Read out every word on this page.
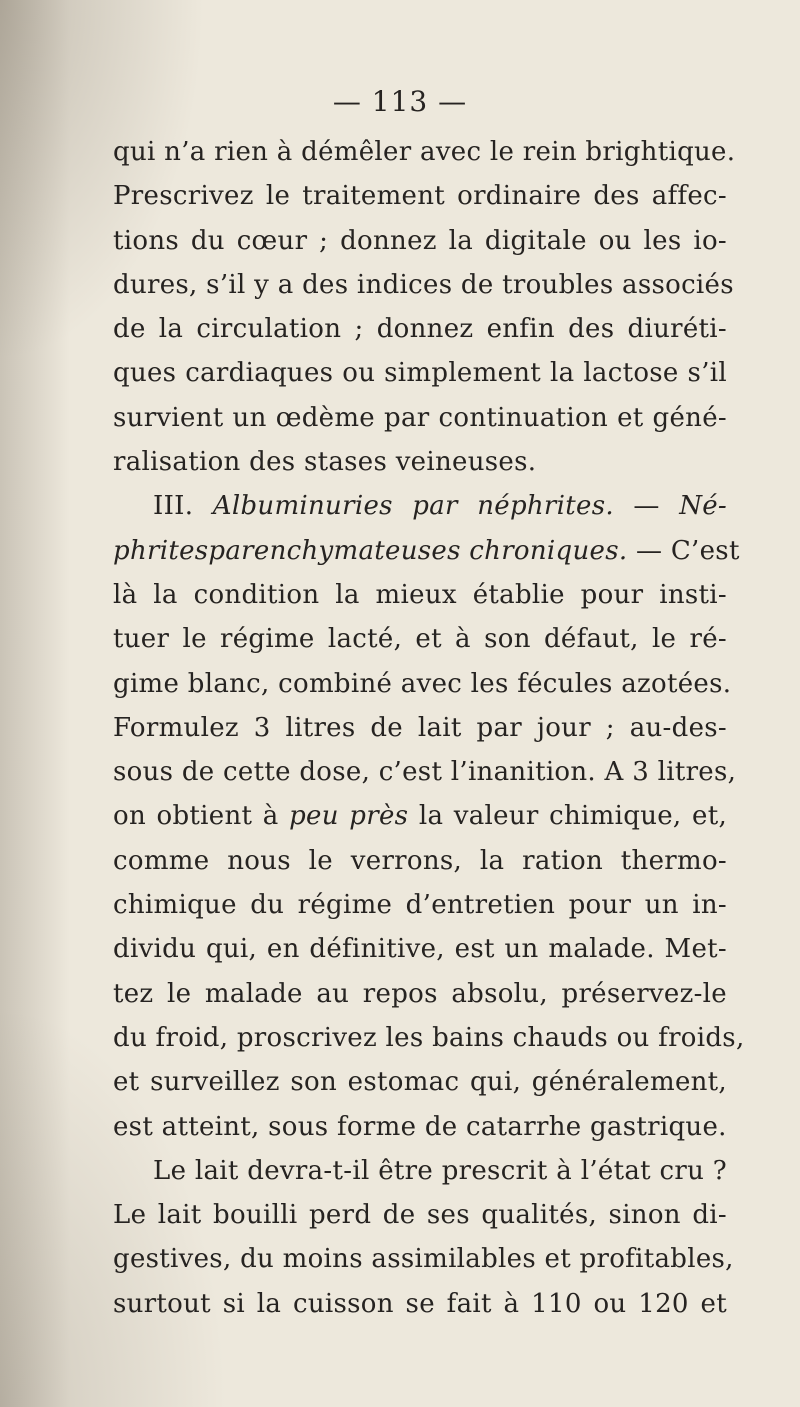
— 113 —
qui n’a rien à démêler avec le rein brightique.
Prescrivez le traitement ordinaire des affec-
tions du cœur ; donnez la digitale ou les io-
dures, s’il y a des indices de troubles associés
de la circulation ; donnez enfin des diuréti-
ques cardiaques ou simplement la lactose s’il
survient un œdème par continuation et géné-
ralisation des stases veineuses.
III. Albuminuries par néphrites. — Né-
phritesparenchymateuses chroniques. — C’est
là la condition la mieux établie pour insti-
tuer le régime lacté, et à son défaut, le ré-
gime blanc, combiné avec les fécules azotées.
Formulez 3 litres de lait par jour ; au-des-
sous de cette dose, c’est l’inanition. A 3 litres,
on obtient à peu près la valeur chimique, et,
comme nous le verrons, la ration thermo-
chimique du régime d’entretien pour un in-
dividu qui, en définitive, est un malade. Met-
tez le malade au repos absolu, préservez-le
du froid, proscrivez les bains chauds ou froids,
et surveillez son estomac qui, généralement,
est atteint, sous forme de catarrhe gastrique.
Le lait devra-t-il être prescrit à l’état cru ?
Le lait bouilli perd de ses qualités, sinon di-
gestives, du moins assimilables et profitables,
surtout si la cuisson se fait à 110 ou 120 et
